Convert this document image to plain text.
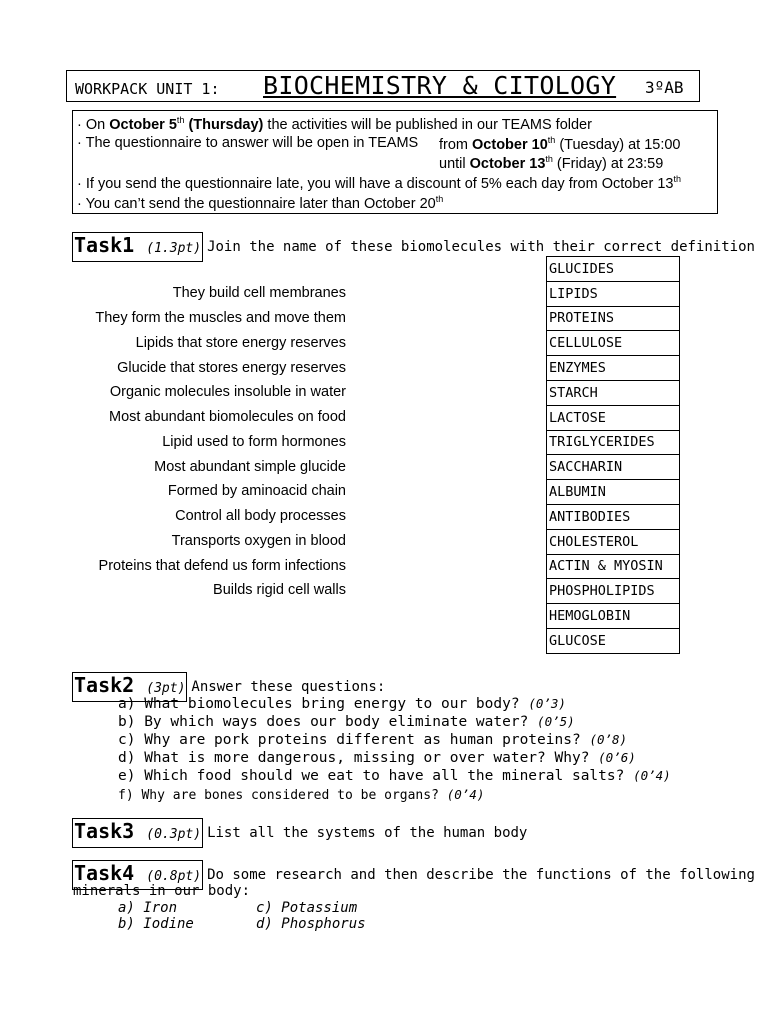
WORKPACK UNIT 1: BIOCHEMISTRY & CITOLOGY 3ºAB
· On October 5th (Thursday) the activities will be published in our TEAMS folder
· The questionnaire to answer will be open in TEAMS from October 10th (Tuesday) at 15:00
until October 13th (Friday) at 23:59
· If you send the questionnaire late, you will have a discount of 5% each day from October 13th
· You can’t send the questionnaire later than October 20th
Task1 (1.3pt) Join the name of these biomolecules with their correct definition
They build cell membranes
They form the muscles and move them
Lipids that store energy reserves
Glucide that stores energy reserves
Organic molecules insoluble in water
Most abundant biomolecules on food
Lipid used to form hormones
Most abundant simple glucide
Formed by aminoacid chain
Control all body processes
Transports oxygen in blood
Proteins that defend us form infections
Builds rigid cell walls
GLUCIDES
LIPIDS
PROTEINS
CELLULOSE
ENZYMES
STARCH
LACTOSE
TRIGLYCERIDES
SACCHARIN
ALBUMIN
ANTIBODIES
CHOLESTEROL
ACTIN & MYOSIN
PHOSPHOLIPIDS
HEMOGLOBIN
GLUCOSE
Task2 (3pt) Answer these questions:
a) What biomolecules bring energy to our body? (0’3)
b) By which ways does our body eliminate water? (0’5)
c) Why are pork proteins different as human proteins? (0’8)
d) What is more dangerous, missing or over water? Why? (0’6)
e) Which food should we eat to have all the mineral salts? (0’4)
f) Why are bones considered to be organs? (0’4)
Task3 (0.3pt) List all the systems of the human body
Task4 (0.8pt) Do some research and then describe the functions of the following
minerals in our body:
a) Iron
b) Iodine
c) Potassium
d) Phosphorus
